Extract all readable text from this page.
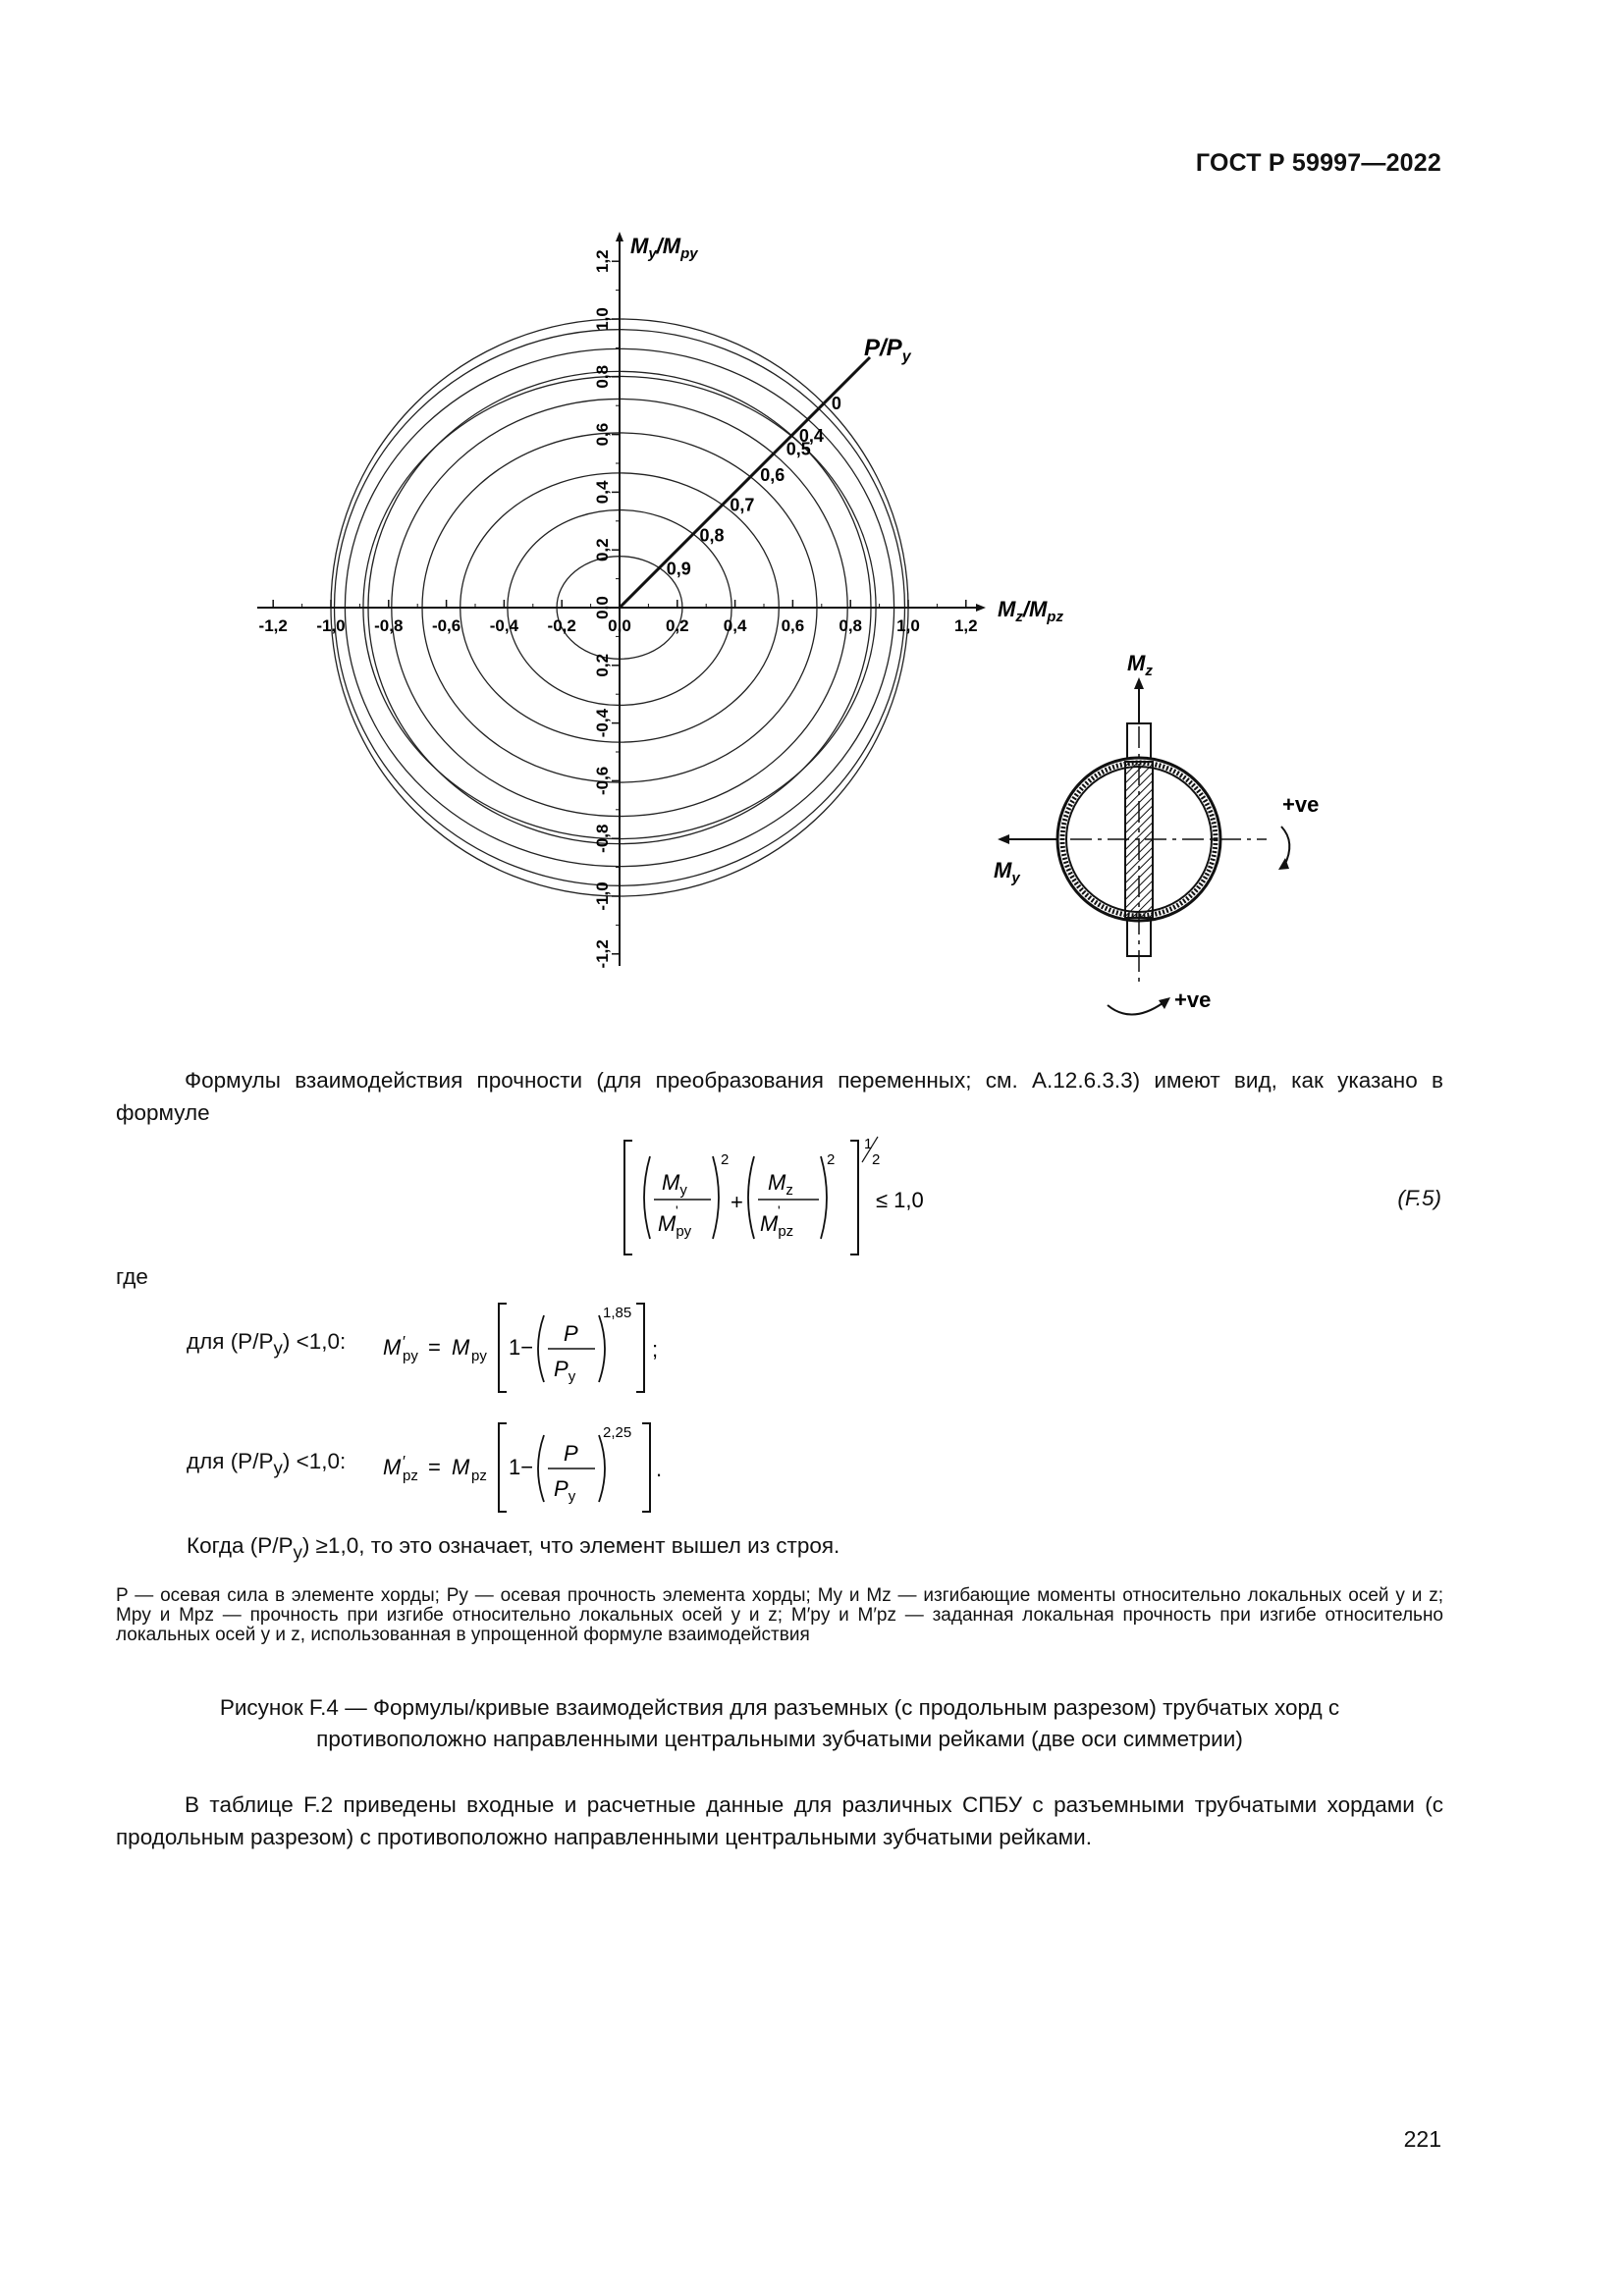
ГОСТ Р 59997—2022
-1,2 -1,0 -0,8 -0,6 -0,4 -0,2 0,0 0,2 0,4 0,6 0,8 1,0 1,2
1,2
1,0
0,8
0,6
0,4
0,2
0,0
0,2
-0,4
-0,6
-0,8
-1,0
-1,2
0
0,4
0,5
0,6
0,7
0,8
0,9
$M_y/M_{py}$
$M_z/M_{pz}$
$P/P_y$
$M_z$
$M_y$
+ve
+ve
Формулы взаимодействия прочности (для преобразования переменных; см. А.12.6.3.3) имеют вид, как указано в формуле
$M_y$
$M_{py}$
'
2
+
$M_z$
$M_{pz}$
'
2
1
2
≤ 1,0	(F.5)
где
для $(P/P_y) <1,0$: M ′
py = M py 1−
P
$P_y$
1,85
;
для $(P/P_y) <1,0$: M ′
pz = M pz 1−
P
$P_y$
2,25
.
Когда $(P/P_y) \ge 1,0$, то это означает, что элемент вышел из строя.
P — осевая сила в элементе хорды; Py — осевая прочность элемента хорды; My и Mz — изгибающие моменты относительно локальных осей y и z; Mpy и Mpz — прочность при изгибе относительно локальных осей y и z; M′py и M′pz — заданная локальная прочность при изгибе относительно локальных осей y и z, использованная в упрощенной формуле взаимодействия
Рисунок F.4 — Формулы/кривые взаимодействия для разъемных (с продольным разрезом) трубчатых хорд с
противоположно направленными центральными зубчатыми рейками (две оси симметрии)
В таблице F.2 приведены входные и расчетные данные для различных СПБУ с разъемными трубчатыми хордами (с продольным разрезом) с противоположно направленными центральными зубчатыми рейками.
221
